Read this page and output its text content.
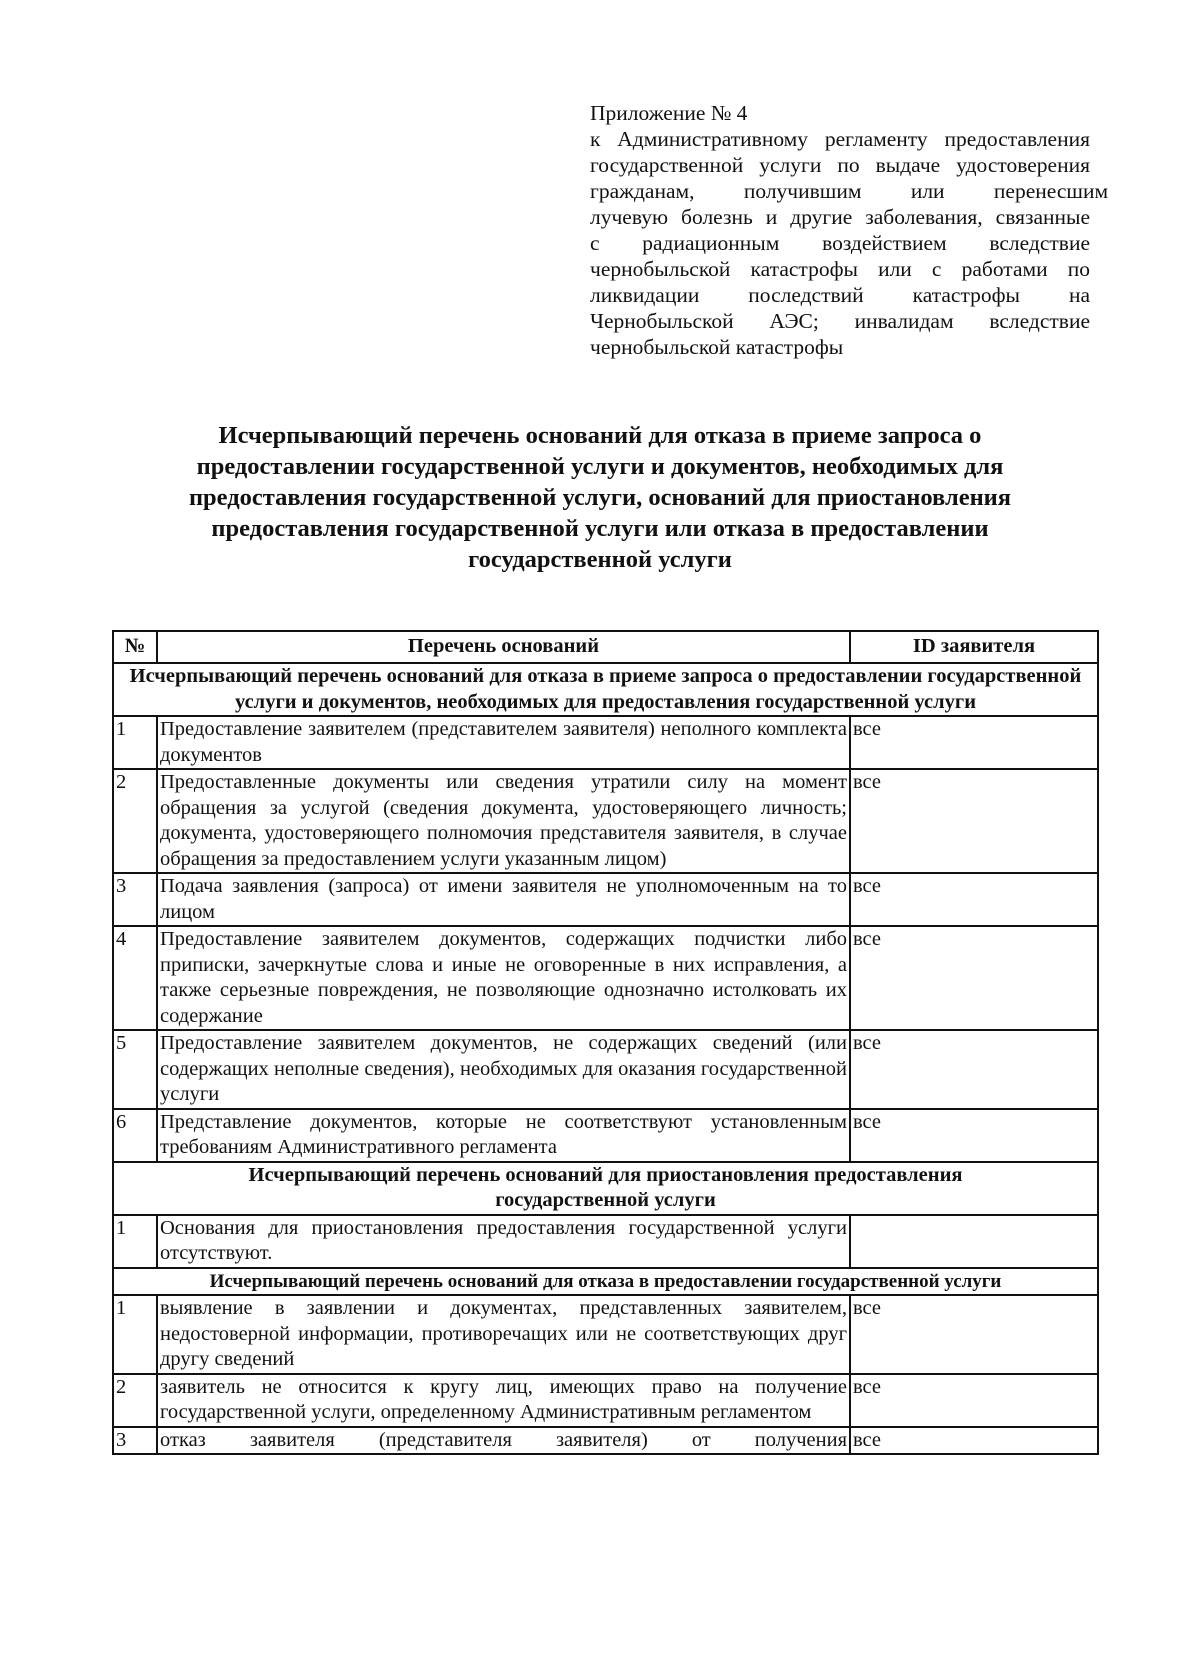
Приложение № 4
к Административному регламенту предоставления
государственной услуги по выдаче удостоверения
гражданам, получившим или перенесшим
лучевую болезнь и другие заболевания, связанные
с радиационным воздействием вследствие
чернобыльской катастрофы или с работами по
ликвидации последствий катастрофы на
Чернобыльской АЭС; инвалидам вследствие
чернобыльской катастрофы
Исчерпывающий перечень оснований для отказа в приеме запроса о
предоставлении государственной услуги и документов, необходимых для
предоставления государственной услуги, оснований для приостановления
предоставления государственной услуги или отказа в предоставлении
государственной услуги
№	Перечень оснований	ID заявителя
Исчерпывающий перечень оснований для отказа в приеме запроса о предоставлении государственной услуги и документов, необходимых для предоставления государственной услуги		
1	Предоставление заявителем (представителем заявителя) неполного комплекта документов	все
2	Предоставленные документы или сведения утратили силу на момент обращения за услугой (сведения документа, удостоверяющего личность; документа, удостоверяющего полномочия представителя заявителя, в случае обращения за предоставлением услуги указанным лицом)	все
3	Подача заявления (запроса) от имени заявителя не уполномоченным на то лицом	все
4	Предоставление заявителем документов, содержащих подчистки либо приписки, зачеркнутые слова и иные не оговоренные в них исправления, а также серьезные повреждения, не позволяющие однозначно истолковать их содержание	все
5	Предоставление заявителем документов, не содержащих сведений (или содержащих неполные сведения), необходимых для оказания государственной услуги	все
6	Представление документов, которые не соответствуют установленным требованиям Административного регламента	все
Исчерпывающий перечень оснований для приостановления предоставления государственной услуги		
1	Основания для приостановления предоставления государственной услуги отсутствуют.	
Исчерпывающий перечень оснований для отказа в предоставлении государственной услуги		
1	выявление в заявлении и документах, представленных заявителем, недостоверной информации, противоречащих или не соответствующих друг другу сведений	все
2	заявитель не относится к кругу лиц, имеющих право на получение государственной услуги, определенному Административным регламентом	все
3	отказ заявителя (представителя заявителя) от получения	все
